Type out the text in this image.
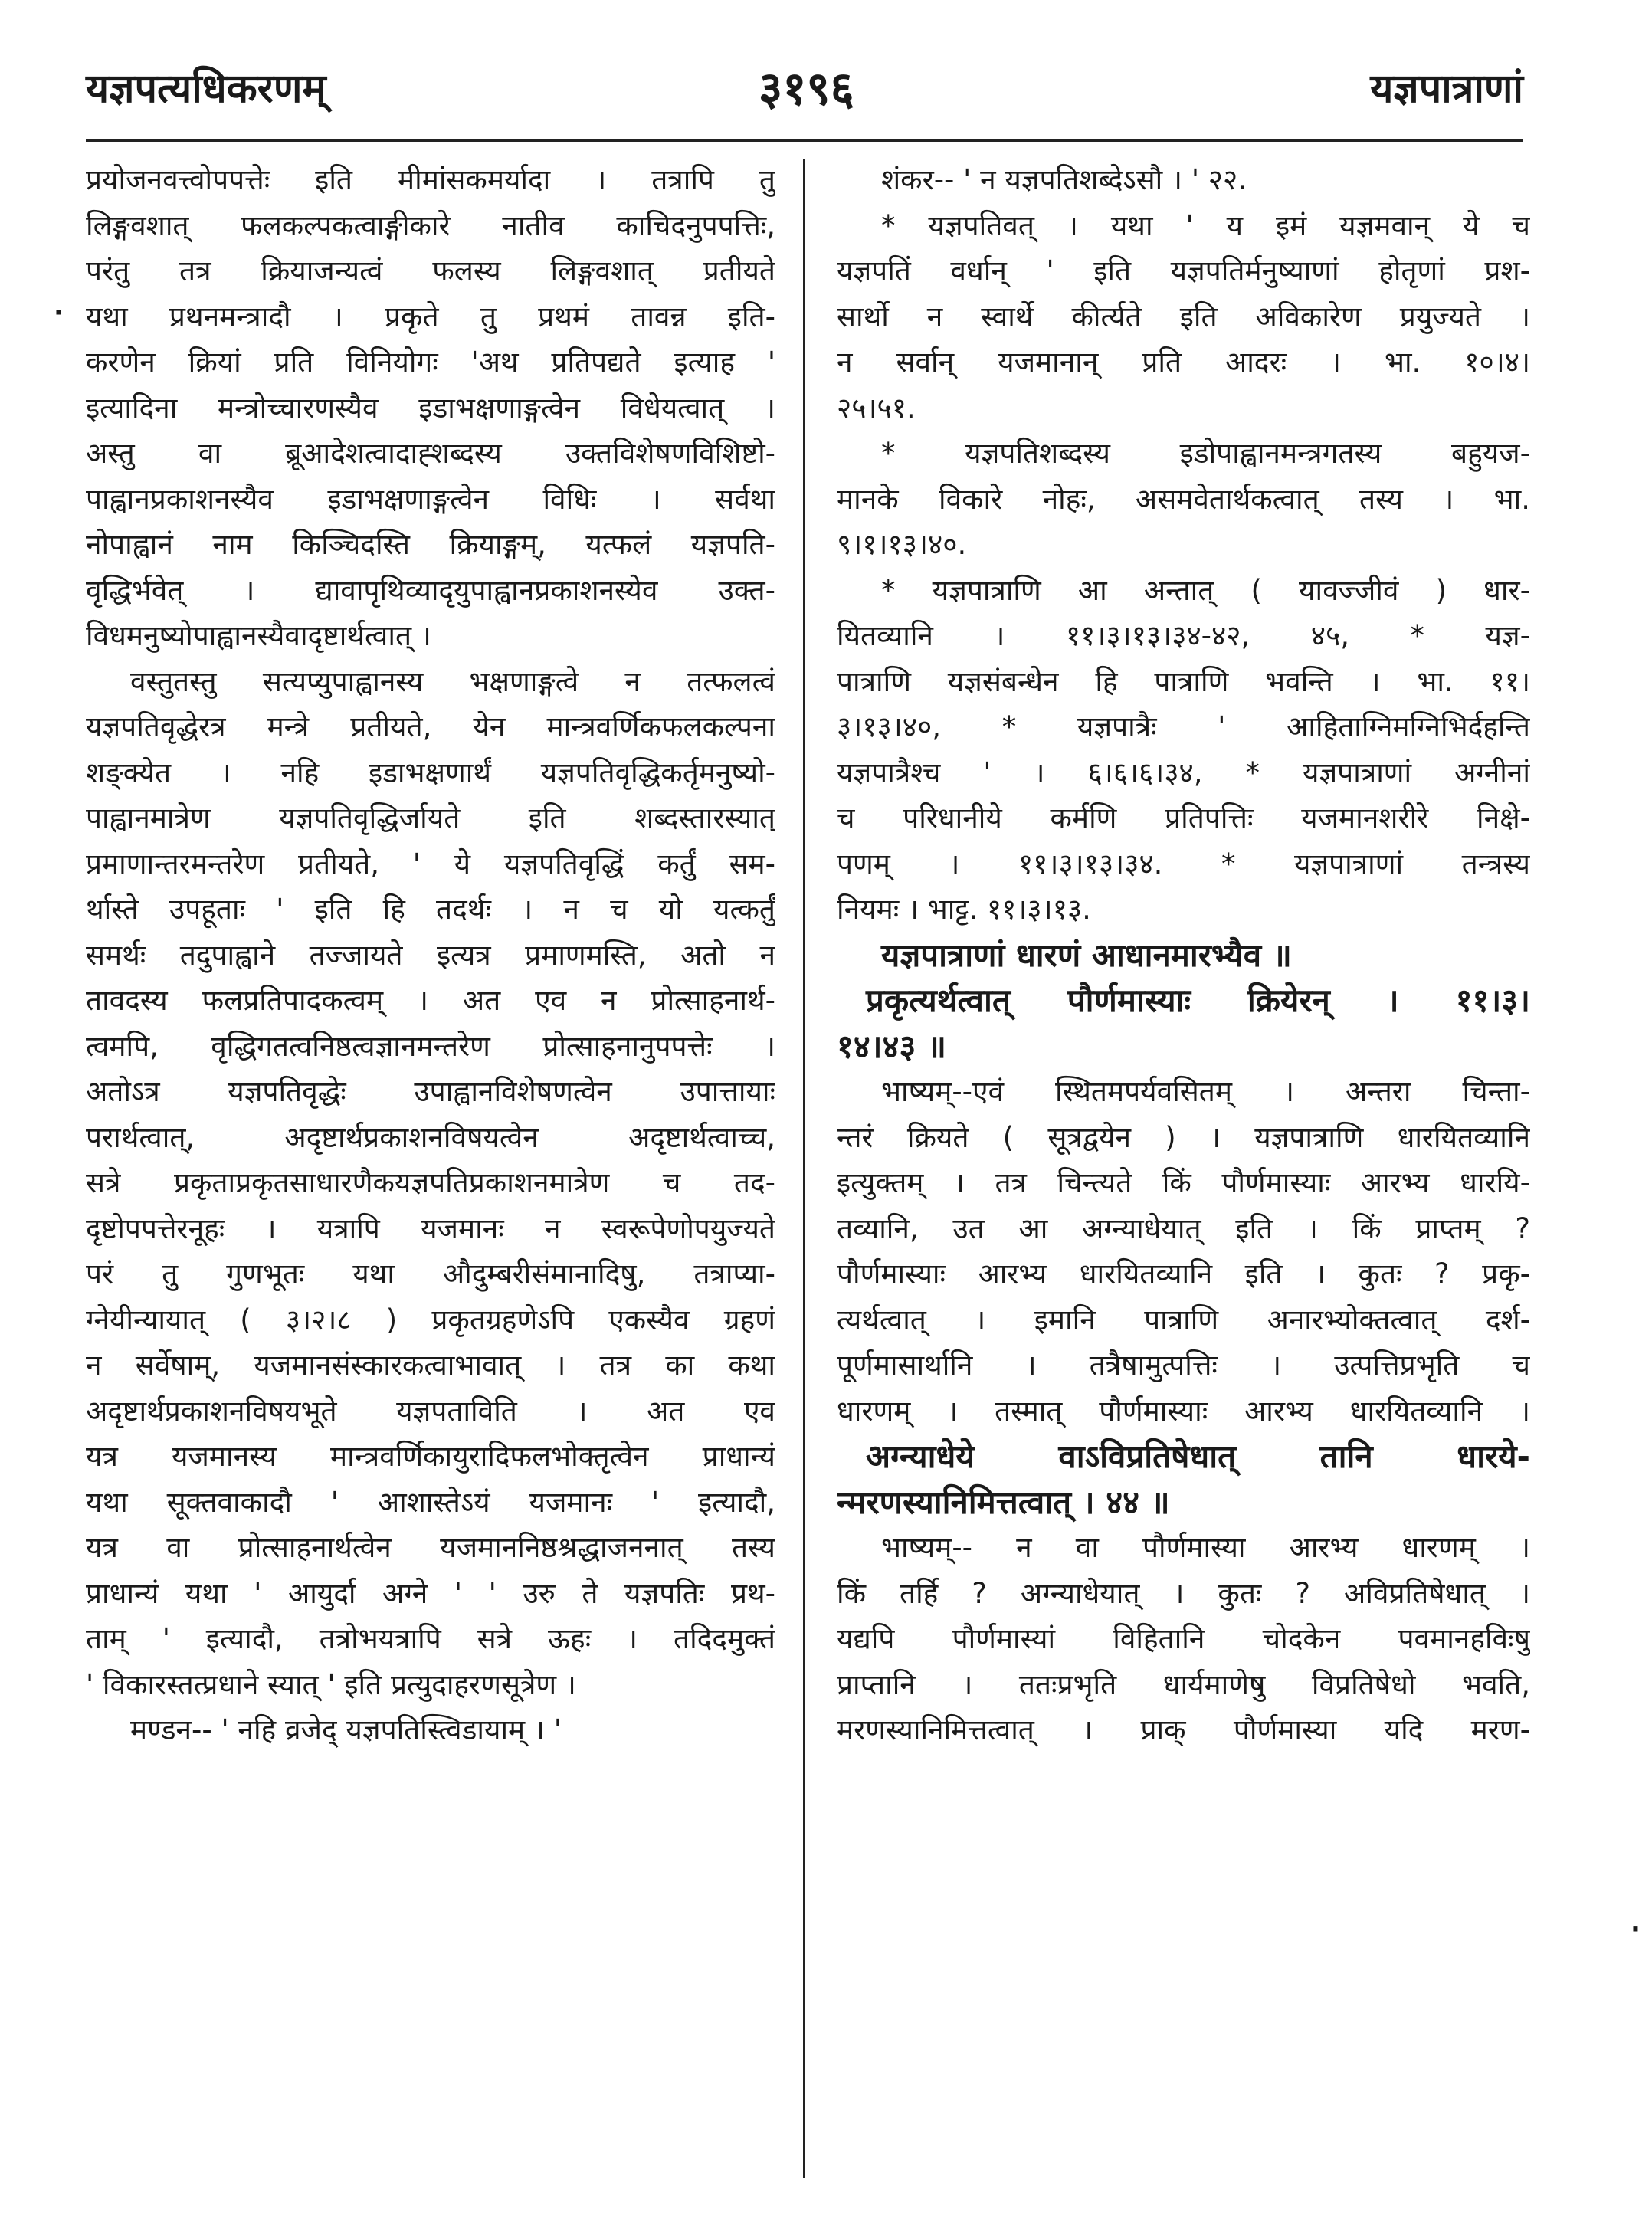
यज्ञपत्यधिकरणम्	३१९६	यज्ञपात्राणां
·
·
प्रयोजनवत्त्वोपपत्तेः इति मीमांसकमर्यादा । तत्रापि तु
लिङ्गवशात् फलकल्पकत्वाङ्गीकारे नातीव काचिदनुपपत्तिः,
परंतु तत्र क्रियाजन्यत्वं फलस्य लिङ्गवशात् प्रतीयते
यथा प्रथनमन्त्रादौ । प्रकृते तु प्रथमं तावन्न इति-
करणेन क्रियां प्रति विनियोगः 'अथ प्रतिपद्यते इत्याह '
इत्यादिना मन्त्रोच्चारणस्यैव इडाभक्षणाङ्गत्वेन विधेयत्वात् ।
अस्तु वा ब्रूआदेशत्वादाह्शब्दस्य उक्तविशेषणविशिष्टो-
पाह्वानप्रकाशनस्यैव इडाभक्षणाङ्गत्वेन विधिः । सर्वथा
नोपाह्वानं नाम किञ्चिदस्ति क्रियाङ्गम्, यत्फलं यज्ञपति-
वृद्धिर्भवेत् । द्यावापृथिव्यादृयुपाह्वानप्रकाशनस्येव उक्त-
विधमनुष्योपाह्वानस्यैवादृष्टार्थत्वात् ।
वस्तुतस्तु सत्यप्युपाह्वानस्य भक्षणाङ्गत्वे न तत्फलत्वं
यज्ञपतिवृद्धेरत्र मन्त्रे प्रतीयते, येन मान्त्रवर्णिकफलकल्पना
शङ्क्येत । नहि इडाभक्षणार्थं यज्ञपतिवृद्धिकर्तृमनुष्यो-
पाह्वानमात्रेण यज्ञपतिवृद्धिर्जायते इति शब्दस्तारस्यात्
प्रमाणान्तरमन्तरेण प्रतीयते, ' ये यज्ञपतिवृद्धिं कर्तुं सम-
र्थास्ते उपहूताः ' इति हि तदर्थः । न च यो यत्कर्तुं
समर्थः तदुपाह्वाने तज्जायते इत्यत्र प्रमाणमस्ति, अतो न
तावदस्य फलप्रतिपादकत्वम् । अत एव न प्रोत्साहनार्थ-
त्वमपि, वृद्धिगतत्वनिष्ठत्वज्ञानमन्तरेण प्रोत्साहनानुपपत्तेः ।
अतोऽत्र यज्ञपतिवृद्धेः उपाह्वानविशेषणत्वेन उपात्तायाः
परार्थत्वात्, अदृष्टार्थप्रकाशनविषयत्वेन अदृष्टार्थत्वाच्च,
सत्रे प्रकृताप्रकृतसाधारणैकयज्ञपतिप्रकाशनमात्रेण च तद-
दृष्टोपपत्तेरनूहः । यत्रापि यजमानः न स्वरूपेणोपयुज्यते
परं तु गुणभूतः यथा औदुम्बरीसंमानादिषु, तत्राप्या-
ग्नेयीन्यायात् ( ३।२।८ ) प्रकृतग्रहणेऽपि एकस्यैव ग्रहणं
न सर्वेषाम्, यजमानसंस्कारकत्वाभावात् । तत्र का कथा
अदृष्टार्थप्रकाशनविषयभूते यज्ञपताविति । अत एव
यत्र यजमानस्य मान्त्रवर्णिकायुरादिफलभोक्तृत्वेन प्राधान्यं
यथा सूक्तवाकादौ ' आशास्तेऽयं यजमानः ' इत्यादौ,
यत्र वा प्रोत्साहनार्थत्वेन यजमाननिष्ठश्रद्धाजननात् तस्य
प्राधान्यं यथा ' आयुर्दा अग्ने ' ' उरु ते यज्ञपतिः प्रथ-
ताम् ' इत्यादौ, तत्रोभयत्रापि सत्रे ऊहः । तदिदमुक्तं
' विकारस्तत्प्रधाने स्यात् ' इति प्रत्युदाहरणसूत्रेण ।
मण्डन-- ' नहि व्रजेद् यज्ञपतिस्त्विडायाम् । '
शंकर-- ' न यज्ञपतिशब्देऽसौ । ' २२.
* यज्ञपतिवत् । यथा ' य इमं यज्ञमवान् ये च
यज्ञपतिं वर्धान् ' इति यज्ञपतिर्मनुष्याणां होतृणां प्रश-
सार्थो न स्वार्थे कीर्त्यते इति अविकारेण प्रयुज्यते ।
न सर्वान् यजमानान् प्रति आदरः । भा. १०।४।
२५।५१.
* यज्ञपतिशब्दस्य इडोपाह्वानमन्त्रगतस्य बहुयज-
मानके विकारे नोहः, असमवेतार्थकत्वात् तस्य । भा.
९।१।१३।४०.
* यज्ञपात्राणि आ अन्तात् ( यावज्जीवं ) धार-
यितव्यानि । ११।३।१३।३४-४२, ४५, * यज्ञ-
पात्राणि यज्ञसंबन्धेन हि पात्राणि भवन्ति । भा. ११।
३।१३।४०, * यज्ञपात्रैः ' आहिताग्निमग्निभिर्दहन्ति
यज्ञपात्रैश्च ' । ६।६।६।३४, * यज्ञपात्राणां अग्नीनां
च परिधानीये कर्मणि प्रतिपत्तिः यजमानशरीरे निक्षे-
पणम् । ११।३।१३।३४. * यज्ञपात्राणां तन्त्रस्य
नियमः । भाट्ट. ११।३।१३.
यज्ञपात्राणां धारणं आधानमारभ्यैव ॥
प्रकृत्यर्थत्वात् पौर्णमास्याः क्रियेरन् । ११।३।
१४।४३ ॥
भाष्यम्--एवं स्थितमपर्यवसितम् । अन्तरा चिन्ता-
न्तरं क्रियते ( सूत्रद्वयेन ) । यज्ञपात्राणि धारयितव्यानि
इत्युक्तम् । तत्र चिन्त्यते किं पौर्णमास्याः आरभ्य धारयि-
तव्यानि, उत आ अग्न्याधेयात् इति । किं प्राप्तम् ?
पौर्णमास्याः आरभ्य धारयितव्यानि इति । कुतः ? प्रकृ-
त्यर्थत्वात् । इमानि पात्राणि अनारभ्योक्तत्वात् दर्श-
पूर्णमासार्थानि । तत्रैषामुत्पत्तिः । उत्पत्तिप्रभृति च
धारणम् । तस्मात् पौर्णमास्याः आरभ्य धारयितव्यानि ।
अग्न्याधेये वाऽविप्रतिषेधात् तानि धारये-
न्मरणस्यानिमित्तत्वात् । ४४ ॥
भाष्यम्-- न वा पौर्णमास्या आरभ्य धारणम् ।
किं तर्हि ? अग्न्याधेयात् । कुतः ? अविप्रतिषेधात् ।
यद्यपि पौर्णमास्यां विहितानि चोदकेन पवमानहविःषु
प्राप्तानि । ततःप्रभृति धार्यमाणेषु विप्रतिषेधो भवति,
मरणस्यानिमित्तत्वात् । प्राक् पौर्णमास्या यदि मरण-
